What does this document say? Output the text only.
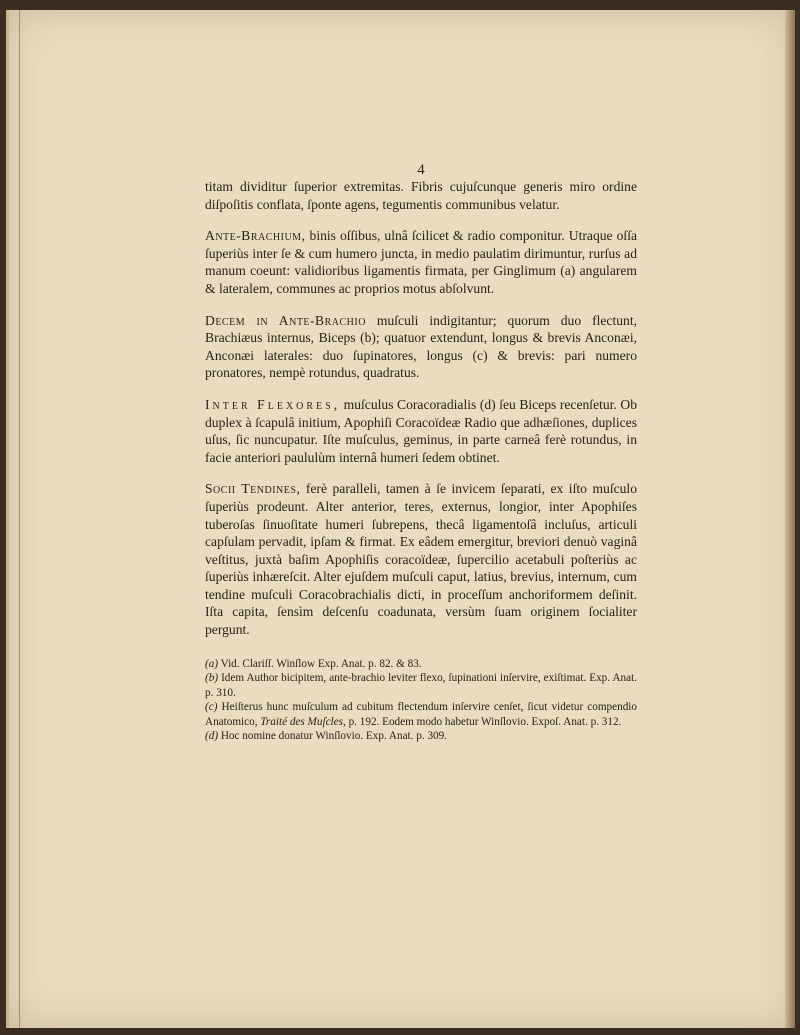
4

titam dividitur ſuperior extremitas. Fibris cujuſcunque generis miro ordine diſpoſitis conflata, ſponte agens, tegumentis communibus velatur.

Ante-Brachium, binis oſſibus, ulnâ ſcilicet & radio componitur. Utraque oſſa ſuperiùs inter ſe & cum humero juncta, in medio paulatim dirimuntur, rurſus ad manum coeunt: validioribus ligamentis firmata, per Ginglimum (a) angularem & lateralem, communes ac proprios motus abſolvunt.

Decem in Ante-Brachio muſculi indigitantur; quorum duo flectunt, Brachiæus internus, Biceps (b); quatuor extendunt, longus & brevis Anconæi, Anconæi laterales: duo ſupinatores, longus (c) & brevis: pari numero pronatores, nempè rotundus, quadratus.

Inter Flexores, muſculus Coracoradialis (d) ſeu Biceps recenſetur. Ob duplex à ſcapulâ initium, Apophiſi Coracoïdeæ Radio que adhæſiones, duplices uſus, ſic nuncupatur. Iſte muſculus, geminus, in parte carneâ ferè rotundus, in facie anteriori paululùm internâ humeri ſedem obtinet.

Socii Tendines, ferè paralleli, tamen à ſe invicem ſeparati, ex iſto muſculo ſuperiùs prodeunt. Alter anterior, teres, externus, longior, inter Apophiſes tuberoſas ſinuoſitate humeri ſubrepens, thecâ ligamentoſâ incluſus, articuli capſulam pervadit, ipſam & firmat. Ex eâdem emergitur, breviori denuò vaginâ veſtitus, juxtà baſim Apophiſis coracoïdeæ, ſupercilio acetabuli poſteriùs ac ſuperiùs inhæreſcit. Alter ejuſdem muſculi caput, latius, brevius, internum, cum tendine muſculi Coracobrachialis dicti, in proceſſum anchoriformem deſinit. Iſta capita, ſensìm deſcenſu coadunata, versùm ſuam originem ſocialiter pergunt.

(a) Vid. Clariſſ. Winſlow Exp. Anat. p. 82. & 83.

(b) Idem Author bicipitem, ante-brachio leviter flexo, ſupinationi inſervire, exiſtimat. Exp. Anat. p. 310.

(c) Heiſterus hunc muſculum ad cubitum flectendum inſervire cenſet, ſicut videtur compendio Anatomico, Traité des Muſcles, p. 192. Eodem modo habetur Winſlovio. Expoſ. Anat. p. 312.

(d) Hoc nomine donatur Winſlovio. Exp. Anat. p. 309.
